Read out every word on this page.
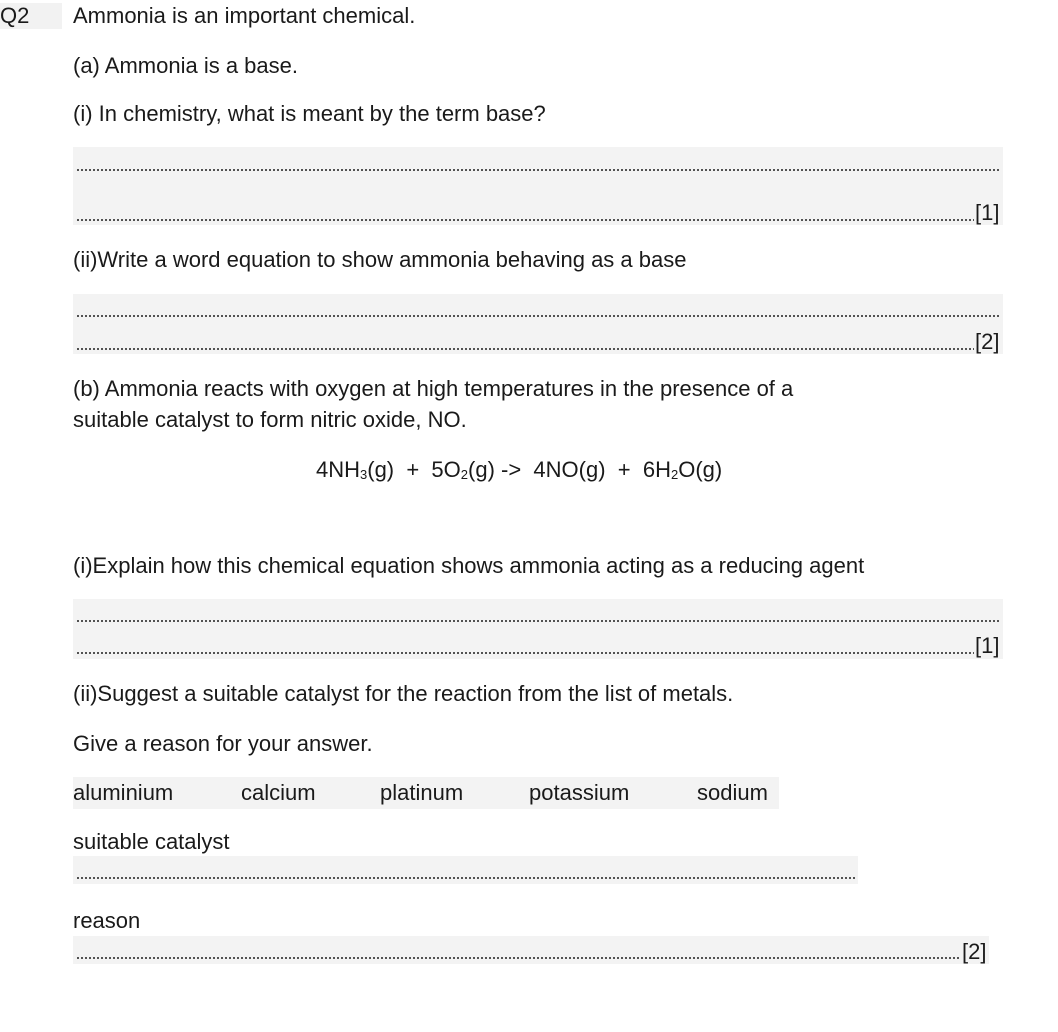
Q2 Ammonia is an important chemical.
(a) Ammonia is a base.
(i) In chemistry, what is meant by the term base?
[1]
(ii)Write a word equation to show ammonia behaving as a base
[2]
(b) Ammonia reacts with oxygen at high temperatures in the presence of a
suitable catalyst to form nitric oxide, NO.
$4NH_3(g) + 5O_2(g) -> 4NO(g) + 6H_2O(g)$
(i)Explain how this chemical equation shows ammonia acting as a reducing agent
[1]
(ii)Suggest a suitable catalyst for the reaction from the list of metals.
Give a reason for your answer.
aluminium	calcium	platinum	potassium	sodium
suitable catalyst
reason
[2]
